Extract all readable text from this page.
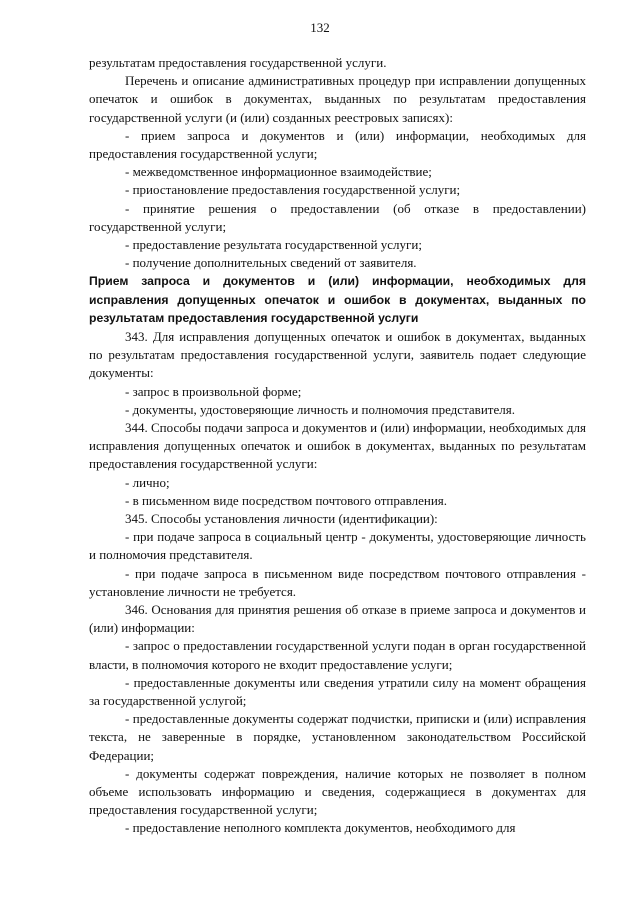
132

результатам предоставления государственной услуги.

Перечень и описание административных процедур при исправлении допущенных опечаток и ошибок в документах, выданных по результатам предоставления государственной услуги (и (или) созданных реестровых записях):

- прием запроса и документов и (или) информации, необходимых для предоставления государственной услуги;

- межведомственное информационное взаимодействие;

- приостановление предоставления государственной услуги;

- принятие решения о предоставлении (об отказе в предоставлении) государственной услуги;

- предоставление результата государственной услуги;

- получение дополнительных сведений от заявителя.

Прием запроса и документов и (или) информации, необходимых для исправления допущенных опечаток и ошибок в документах, выданных по результатам предоставления государственной услуги

343. Для исправления допущенных опечаток и ошибок в документах, выданных по результатам предоставления государственной услуги, заявитель подает следующие документы:

- запрос в произвольной форме;

- документы, удостоверяющие личность и полномочия представителя.

344. Способы подачи запроса и документов и (или) информации, необходимых для исправления допущенных опечаток и ошибок в документах, выданных по результатам предоставления государственной услуги:

- лично;

- в письменном виде посредством почтового отправления.

345. Способы установления личности (идентификации):

- при подаче запроса в социальный центр - документы, удостоверяющие личность и полномочия представителя.

- при подаче запроса в письменном виде посредством почтового отправления - установление личности не требуется.

346. Основания для принятия решения об отказе в приеме запроса и документов и (или) информации:

- запрос о предоставлении государственной услуги подан в орган государственной власти, в полномочия которого не входит предоставление услуги;

- предоставленные документы или сведения утратили силу на момент обращения за государственной услугой;

- предоставленные документы содержат подчистки, приписки и (или) исправления текста, не заверенные в порядке, установленном законодательством Российской Федерации;

- документы содержат повреждения, наличие которых не позволяет в полном объеме использовать информацию и сведения, содержащиеся в документах для предоставления государственной услуги;

- предоставление неполного комплекта документов, необходимого для
